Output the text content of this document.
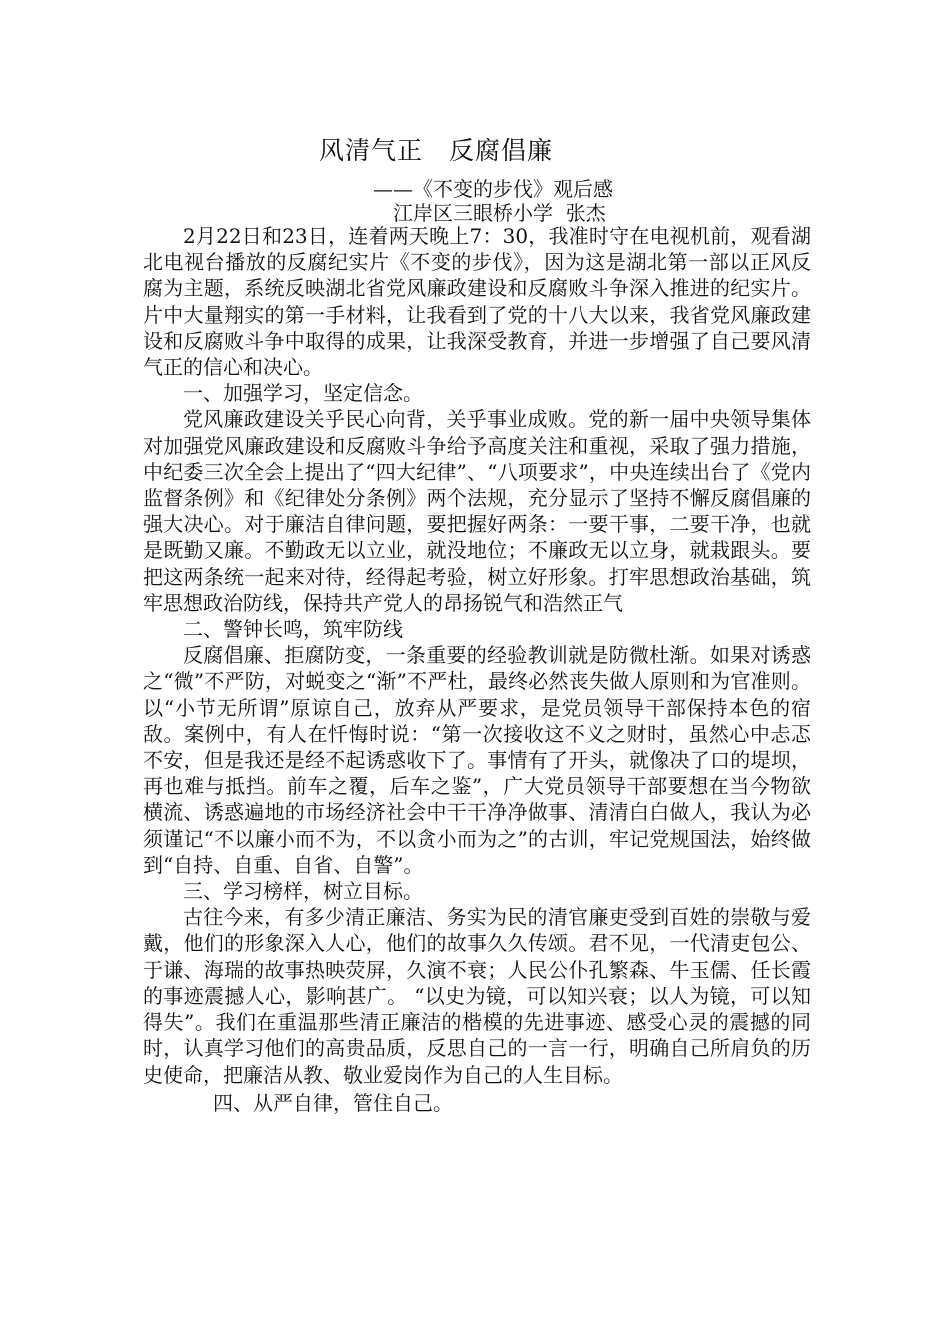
风清气正　反腐倡廉

——《不变的步伐》观后感

江岸区三眼桥小学  张杰

2月22日和23日，连着两天晚上7：30，我准时守在电视机前，观看湖北电视台播放的反腐纪实片《不变的步伐》，因为这是湖北第一部以正风反腐为主题，系统反映湖北省党风廉政建设和反腐败斗争深入推进的纪实片。片中大量翔实的第一手材料，让我看到了党的十八大以来，我省党风廉政建设和反腐败斗争中取得的成果，让我深受教育，并进一步增强了自己要风清气正的信心和决心。

一、加强学习，坚定信念。

党风廉政建设关乎民心向背，关乎事业成败。党的新一届中央领导集体对加强党风廉政建设和反腐败斗争给予高度关注和重视，采取了强力措施，中纪委三次全会上提出了“四大纪律”、“八项要求”，中央连续出台了《党内监督条例》和《纪律处分条例》两个法规，充分显示了坚持不懈反腐倡廉的强大决心。对于廉洁自律问题，要把握好两条：一要干事，二要干净，也就是既勤又廉。不勤政无以立业，就没地位；不廉政无以立身，就栽跟头。要把这两条统一起来对待，经得起考验，树立好形象。打牢思想政治基础，筑牢思想政治防线，保持共产党人的昂扬锐气和浩然正气

二、警钟长鸣，筑牢防线

反腐倡廉、拒腐防变，一条重要的经验教训就是防微杜渐。如果对诱惑之“微”不严防，对蜕变之“渐”不严杜，最终必然丧失做人原则和为官准则。以“小节无所谓”原谅自己，放弃从严要求，是党员领导干部保持本色的宿敌。案例中，有人在忏悔时说：“第一次接收这不义之财时，虽然心中忐忑不安，但是我还是经不起诱惑收下了。事情有了开头，就像决了口的堤坝，再也难与抵挡。前车之覆，后车之鉴”，广大党员领导干部要想在当今物欲横流、诱惑遍地的市场经济社会中干干净净做事、清清白白做人，我认为必须谨记“不以廉小而不为，不以贪小而为之”的古训，牢记党规国法，始终做到“自持、自重、自省、自警”。

三、学习榜样，树立目标。

古往今来，有多少清正廉洁、务实为民的清官廉吏受到百姓的崇敬与爱戴，他们的形象深入人心，他们的故事久久传颂。君不见，一代清吏包公、于谦、海瑞的故事热映荧屏，久演不衰；人民公仆孔繁森、牛玉儒、任长霞的事迹震撼人心，影响甚广。 “以史为镜，可以知兴衰；以人为镜，可以知得失”。我们在重温那些清正廉洁的楷模的先进事迹、感受心灵的震撼的同时，认真学习他们的高贵品质，反思自己的一言一行，明确自己所肩负的历史使命，把廉洁从教、敬业爱岗作为自己的人生目标。

四、从严自律，管住自己。
